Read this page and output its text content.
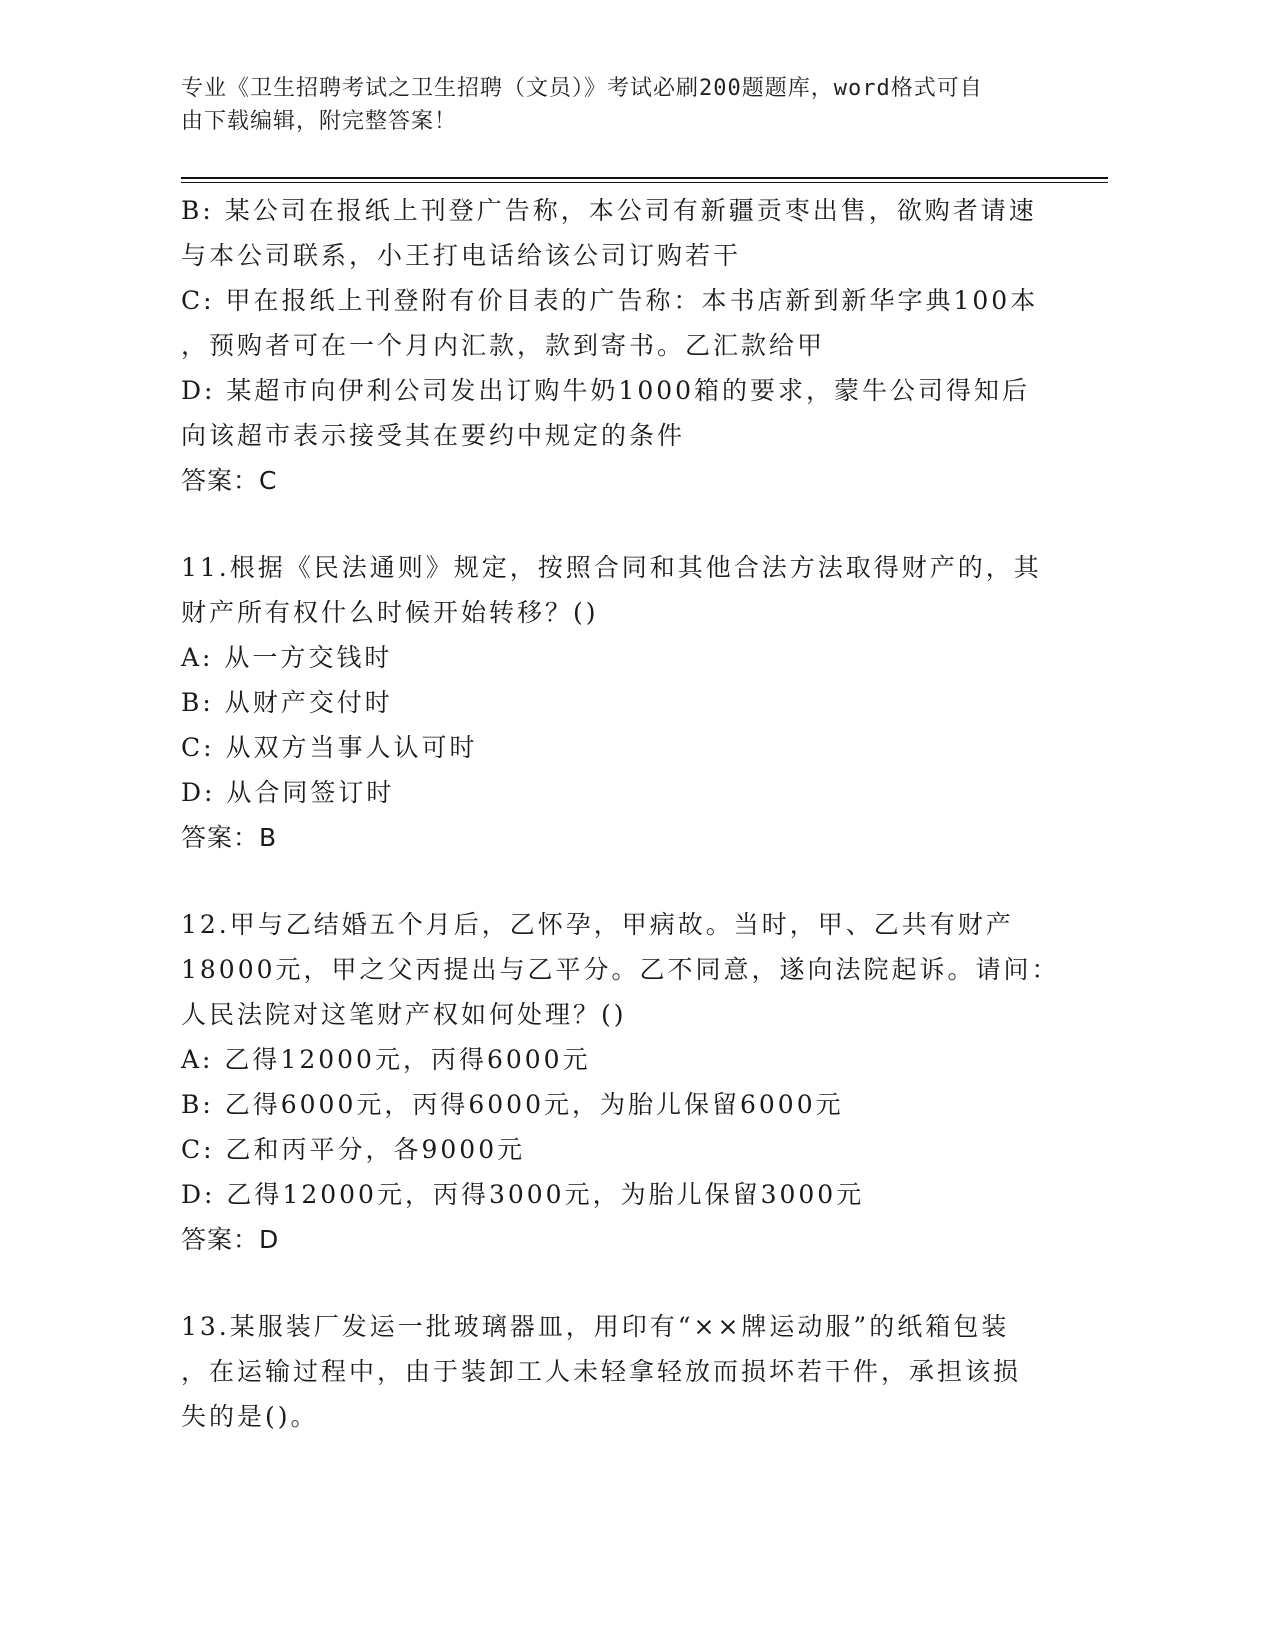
专业《卫生招聘考试之卫生招聘（文员）》考试必刷200题题库，word格式可自
由下载编辑，附完整答案！
B: 某公司在报纸上刊登广告称，本公司有新疆贡枣出售，欲购者请速
与本公司联系，小王打电话给该公司订购若干
C: 甲在报纸上刊登附有价目表的广告称：本书店新到新华字典100本
，预购者可在一个月内汇款，款到寄书。乙汇款给甲
D: 某超市向伊利公司发出订购牛奶1000箱的要求，蒙牛公司得知后
向该超市表示接受其在要约中规定的条件
答案：C
11.根据《民法通则》规定，按照合同和其他合法方法取得财产的，其
财产所有权什么时候开始转移？()
A: 从一方交钱时
B: 从财产交付时
C: 从双方当事人认可时
D: 从合同签订时
答案：B
12.甲与乙结婚五个月后，乙怀孕，甲病故。当时，甲、乙共有财产
18000元，甲之父丙提出与乙平分。乙不同意，遂向法院起诉。请问：
人民法院对这笔财产权如何处理？()
A: 乙得12000元，丙得6000元
B: 乙得6000元，丙得6000元，为胎儿保留6000元
C: 乙和丙平分，各9000元
D: 乙得12000元，丙得3000元，为胎儿保留3000元
答案：D
13.某服装厂发运一批玻璃器皿，用印有“××牌运动服”的纸箱包装
，在运输过程中，由于装卸工人未轻拿轻放而损坏若干件，承担该损
失的是()。
